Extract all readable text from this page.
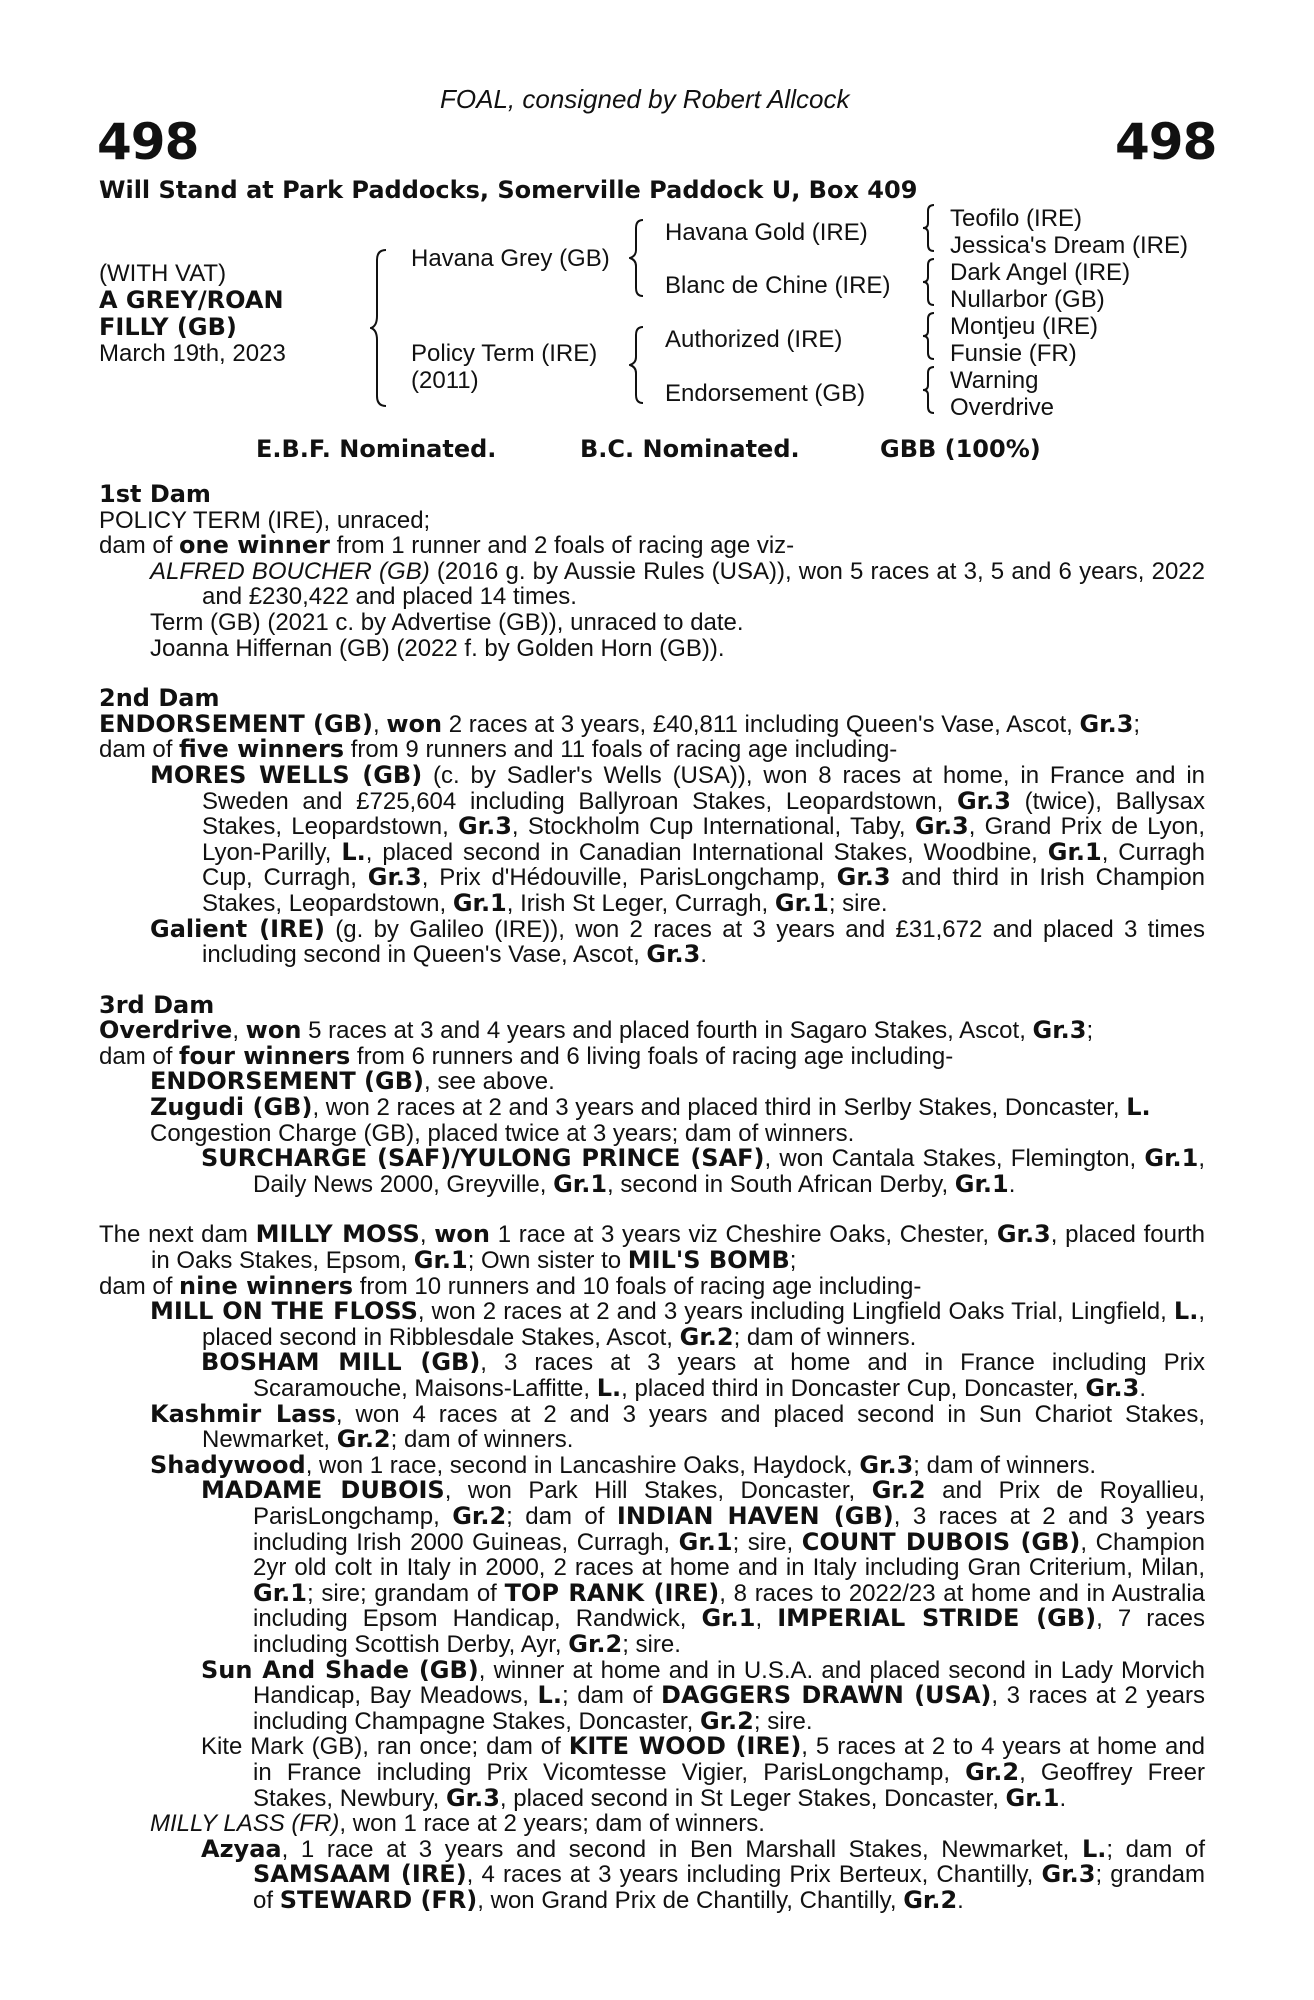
FOAL, consigned by Robert Allcock
498	498
Will Stand at Park Paddocks, Somerville Paddock U, Box 409
(WITH VAT)
A GREY/ROAN
FILLY (GB)
March 19th, 2023
Havana Grey (GB)
Policy Term (IRE)
(2011)
Havana Gold (IRE)
Blanc de Chine (IRE)
Authorized (IRE)
Endorsement (GB)
Teofilo (IRE)
Jessica's Dream (IRE)
Dark Angel (IRE)
Nullarbor (GB)
Montjeu (IRE)
Funsie (FR)
Warning
Overdrive
E.B.F. Nominated.	B.C. Nominated.	GBB (100%)
1st Dam

POLICY TERM (IRE), unraced;

dam of one winner from 1 runner and 2 foals of racing age viz-

ALFRED BOUCHER (GB) (2016 g. by Aussie Rules (USA)), won 5 races at 3, 5 and 6 years, 2022 and £230,422 and placed 14 times.

Term (GB) (2021 c. by Advertise (GB)), unraced to date.

Joanna Hiffernan (GB) (2022 f. by Golden Horn (GB)).

2nd Dam

ENDORSEMENT (GB), won 2 races at 3 years, £40,811 including Queen's Vase, Ascot, Gr.3;

dam of five winners from 9 runners and 11 foals of racing age including-

MORES WELLS (GB) (c. by Sadler's Wells (USA)), won 8 races at home, in France and in Sweden and £725,604 including Ballyroan Stakes, Leopardstown, Gr.3 (twice), Ballysax Stakes, Leopardstown, Gr.3, Stockholm Cup International, Taby, Gr.3, Grand Prix de Lyon, Lyon-Parilly, L., placed second in Canadian International Stakes, Woodbine, Gr.1, Curragh Cup, Curragh, Gr.3, Prix d'Hédouville, ParisLongchamp, Gr.3 and third in Irish Champion Stakes, Leopardstown, Gr.1, Irish St Leger, Curragh, Gr.1; sire.

Galient (IRE) (g. by Galileo (IRE)), won 2 races at 3 years and £31,672 and placed 3 times including second in Queen's Vase, Ascot, Gr.3.

3rd Dam

Overdrive, won 5 races at 3 and 4 years and placed fourth in Sagaro Stakes, Ascot, Gr.3;

dam of four winners from 6 runners and 6 living foals of racing age including-

ENDORSEMENT (GB), see above.

Zugudi (GB), won 2 races at 2 and 3 years and placed third in Serlby Stakes, Doncaster, L.

Congestion Charge (GB), placed twice at 3 years; dam of winners.

SURCHARGE (SAF)/YULONG PRINCE (SAF), won Cantala Stakes, Flemington, Gr.1, Daily News 2000, Greyville, Gr.1, second in South African Derby, Gr.1.

The next dam MILLY MOSS, won 1 race at 3 years viz Cheshire Oaks, Chester, Gr.3, placed fourth in Oaks Stakes, Epsom, Gr.1; Own sister to MIL'S BOMB;

dam of nine winners from 10 runners and 10 foals of racing age including-

MILL ON THE FLOSS, won 2 races at 2 and 3 years including Lingfield Oaks Trial, Lingfield, L., placed second in Ribblesdale Stakes, Ascot, Gr.2; dam of winners.

BOSHAM MILL (GB), 3 races at 3 years at home and in France including Prix Scaramouche, Maisons-Laffitte, L., placed third in Doncaster Cup, Doncaster, Gr.3.

Kashmir Lass, won 4 races at 2 and 3 years and placed second in Sun Chariot Stakes, Newmarket, Gr.2; dam of winners.

Shadywood, won 1 race, second in Lancashire Oaks, Haydock, Gr.3; dam of winners.

MADAME DUBOIS, won Park Hill Stakes, Doncaster, Gr.2 and Prix de Royallieu, ParisLongchamp, Gr.2; dam of INDIAN HAVEN (GB), 3 races at 2 and 3 years including Irish 2000 Guineas, Curragh, Gr.1; sire, COUNT DUBOIS (GB), Champion 2yr old colt in Italy in 2000, 2 races at home and in Italy including Gran Criterium, Milan, Gr.1; sire; grandam of TOP RANK (IRE), 8 races to 2022/23 at home and in Australia including Epsom Handicap, Randwick, Gr.1, IMPERIAL STRIDE (GB), 7 races including Scottish Derby, Ayr, Gr.2; sire.

Sun And Shade (GB), winner at home and in U.S.A. and placed second in Lady Morvich Handicap, Bay Meadows, L.; dam of DAGGERS DRAWN (USA), 3 races at 2 years including Champagne Stakes, Doncaster, Gr.2; sire.

Kite Mark (GB), ran once; dam of KITE WOOD (IRE), 5 races at 2 to 4 years at home and in France including Prix Vicomtesse Vigier, ParisLongchamp, Gr.2, Geoffrey Freer Stakes, Newbury, Gr.3, placed second in St Leger Stakes, Doncaster, Gr.1.

MILLY LASS (FR), won 1 race at 2 years; dam of winners.

Azyaa, 1 race at 3 years and second in Ben Marshall Stakes, Newmarket, L.; dam of SAMSAAM (IRE), 4 races at 3 years including Prix Berteux, Chantilly, Gr.3; grandam of STEWARD (FR), won Grand Prix de Chantilly, Chantilly, Gr.2.
